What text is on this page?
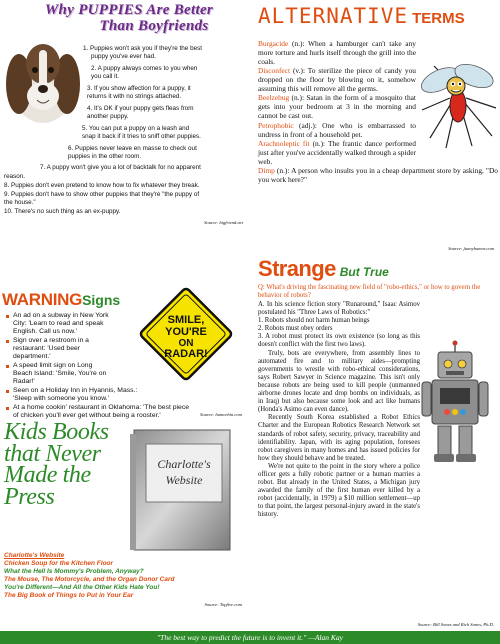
Why PUPPIES Are Better
Than Boyfriends
1. Puppies won't ask you if they're the best
puppy you've ever had.
2. A puppy always comes to you when
you call it.
3. If you show affection for a puppy, it
returns it with no strings attached.
4. It's OK if your puppy gets fleas from
another puppy.
5. You can put a puppy on a leash and
snap it back if it tries to sniff other puppies.
6. Puppies never leave en masse to check out
puppies in the other room.
7. A puppy won't give you a lot of backtalk for no apparent
reason.
8. Puppies don't even pretend to know how to fix whatever they break.
9. Puppies don't have to show other puppies that they're "the puppy of
the house."
10. There's no such thing as an ex-puppy.
Source: bigfriend.net
ALTERNATIVE TERMS
Burgacide (n.): When a hamburger can't take any more torture and hurls itself through the grill into the coals.
Disconfect (v.): To sterilize the piece of candy you dropped on the floor by blowing on it, somehow assuming this will remove all the germs.
Beelzebug (n.): Satan in the form of a mosquito that gets into your bedroom at 3 in the morning and cannot be cast out.
Petrophobic (adj.): One who is embarrassed to undress in front of a household pet.
Arachnoleptic fit (n.): The frantic dance performed just after you've accidentally walked through a spider web.
Dimp (n.): A person who insults you in a cheap department store by asking, "Do you work here?"
Source: funnyhumor.com
WARNINGSigns
SMILE,
YOU'RE
ON
RADAR!
An ad on a subway in New York
City: 'Learn to read and speak
English. Call us now.'
Sign over a restroom in a
restaurant: 'Used beer
department.'
A speed limit sign on Long
Beach Island: 'Smile, You're on
Radar!'
Seen on a Holiday Inn in Hyannis, Mass.:
'Sleep with someone you know.'
At a home cookin' restaurant in Oklahoma: 'The best piece
of chicken you'll ever get without being a rooster.'	Source: humorbin.com
Kids Books
that Never
Made the
Press
Charlotte's
Website
Charlotte's Website
Chicken Soup for the Kitchen Floor
What the Hell Is Mommy's Problem, Anyway?
The Mouse, The Motorcycle, and the Organ Donor Card
You're Different—And All the Other Kids Hate You!
The Big Book of Things to Put in Your Ear
Source: Topfive.com
Strange But True
Q: What's driving the fascinating new field of "robo-ethics," or how to govern the behavior of robots?

A. In his science fiction story "Runaround," Isaac Asimov postulated his "Three Laws of Robotics:"

1. Robots should not harm human beings

2. Robots must obey orders

3. A robot must protect its own existence (so long as this doesn't conflict with the first two laws).

Truly, bots are everywhere, from assembly lines to automated fire and to military aides—prompting governments to wrestle with robo-ethical considerations, says Robert Sawyer in Science magazine. This isn't only because robots are being used to kill people (unmanned airborne drones locate and drop bombs on individuals, as in Iraq) but also because some look and act like humans (Honda's Asimo can even dance).

Recently South Korea established a Robot Ethics Charter and the European Robotics Research Network set standards of robot safety, security, privacy, traceability and identifiability. Japan, with its aging population, foresees robot caregivers in many homes and has issued policies for how they should behave and be treated.

We're not quite to the point in the story where a police officer gets a fully robotic partner or a human marries a robot. But already in the United States, a Michigan jury awarded the family of the first human ever killed by a robot (accidentally, in 1979) a $10 million settlement—up to that point, the largest personal-injury award in the state's history.

Source: Bill Sones and Rich Sones, Ph.D.
"The best way to predict the future is to invent it." —Alan Kay
